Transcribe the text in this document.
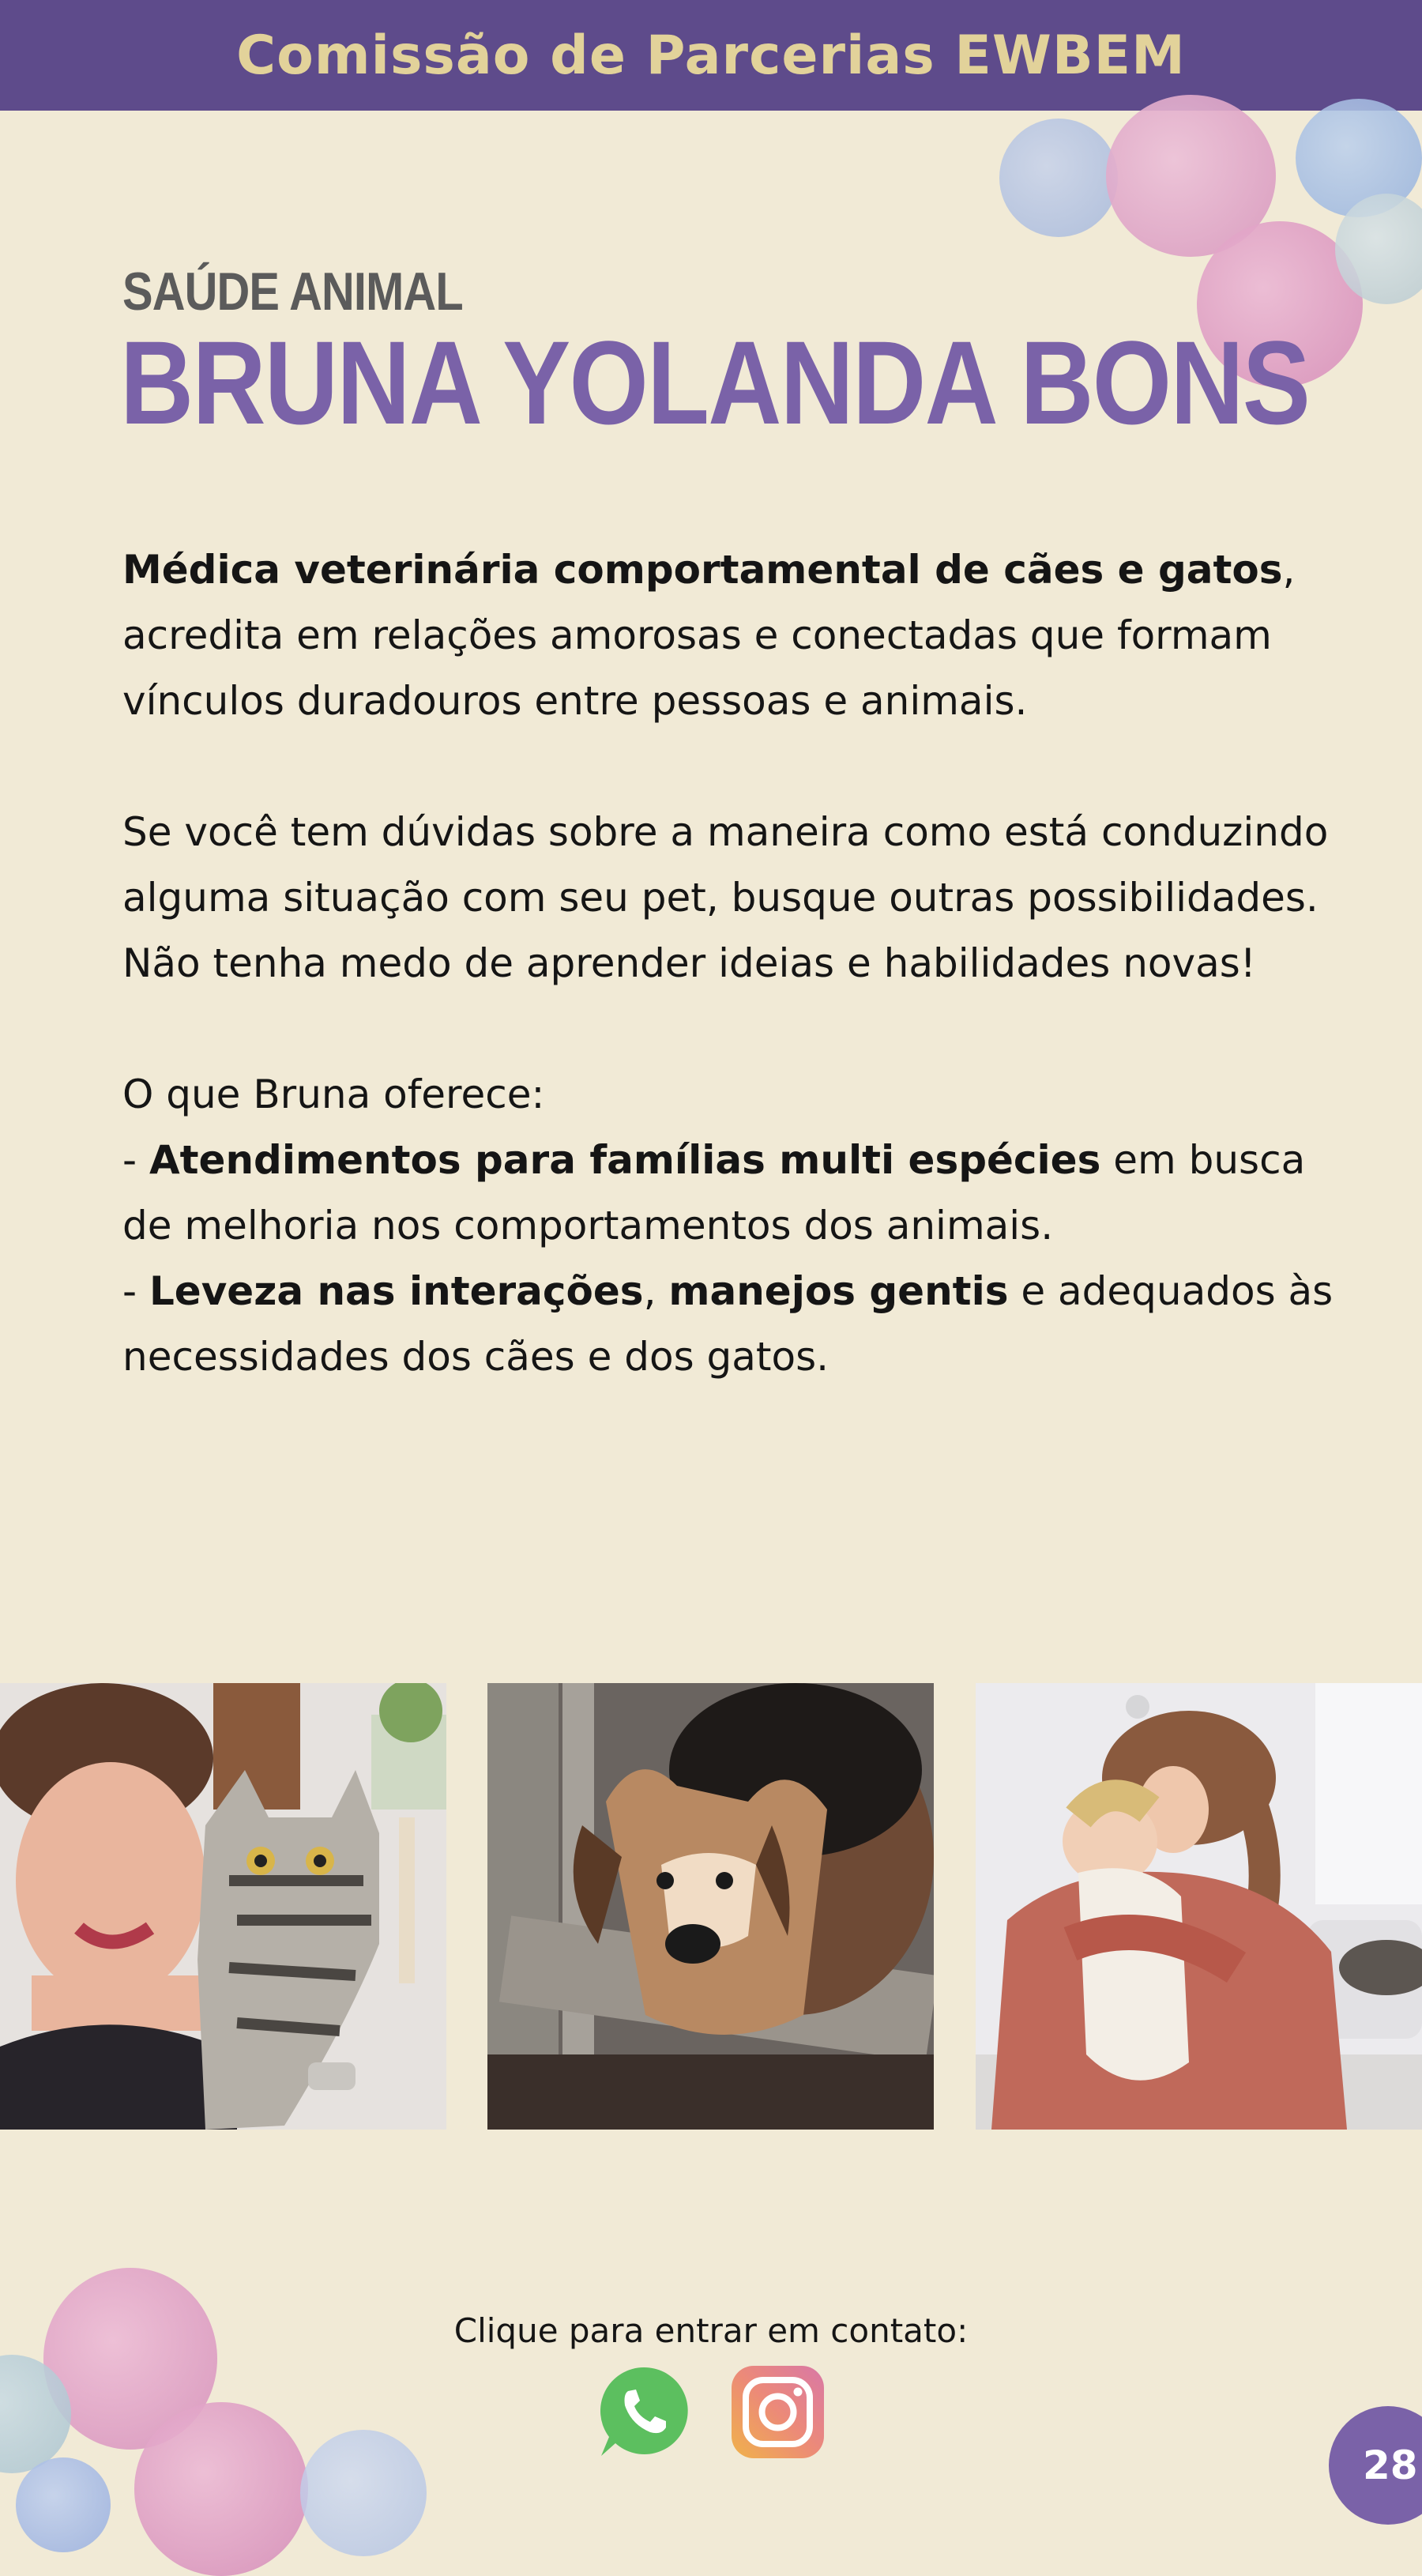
Comissão de Parcerias EWBEM
SAÚDE ANIMAL
BRUNA YOLANDA BONS

Médica veterinária comportamental de cães e gatos, acredita em relações amorosas e conectadas que formam vínculos duradouros entre pessoas e animais.

Se você tem dúvidas sobre a maneira como está conduzindo alguma situação com seu pet, busque outras possibilidades. Não tenha medo de aprender ideias e habilidades novas!

O que Bruna oferece:

- Atendimentos para famílias multi espécies em busca de melhoria nos comportamentos dos animais.

- Leveza nas interações, manejos gentis e adequados às necessidades dos cães e dos gatos.

Clique para entrar em contato:
28
